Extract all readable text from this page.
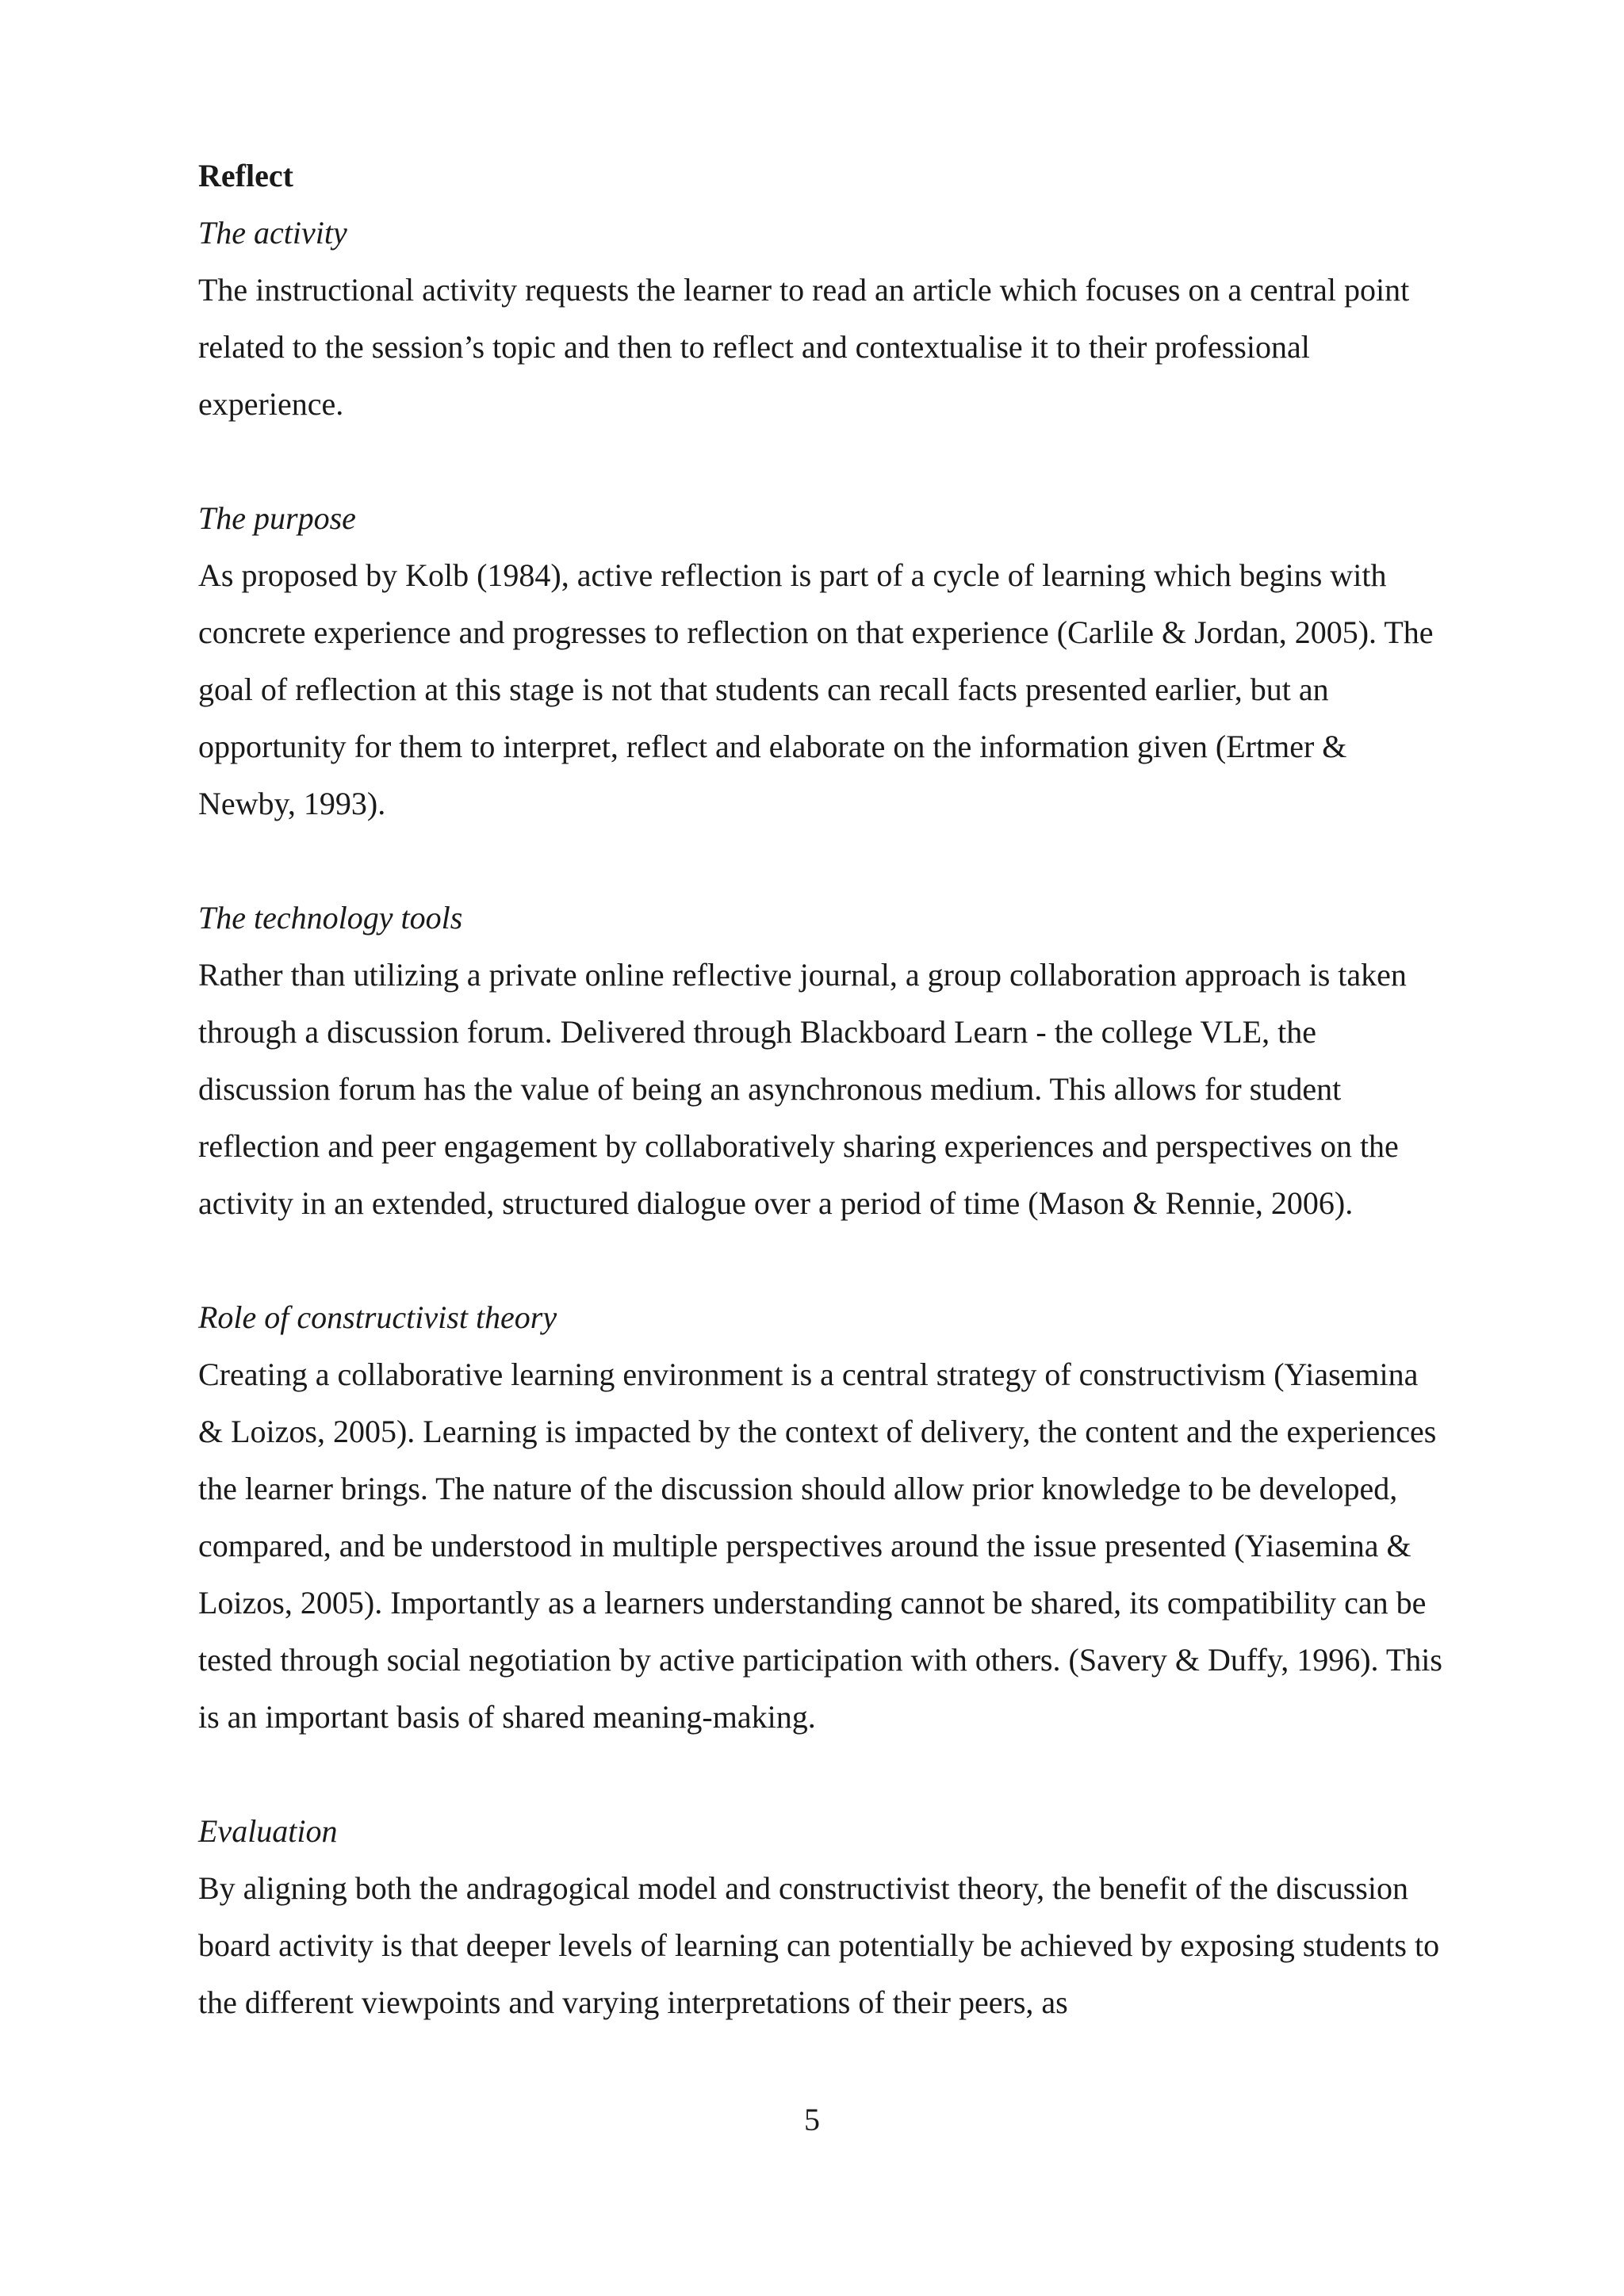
Reflect

The activity

The instructional activity requests the learner to read an article which focuses on a central point related to the session’s topic and then to reflect and contextualise it to their professional experience.

The purpose

As proposed by Kolb (1984), active reflection is part of a cycle of learning which begins with concrete experience and progresses to reflection on that experience (Carlile & Jordan, 2005). The goal of reflection at this stage is not that students can recall facts presented earlier, but an opportunity for them to interpret, reflect and elaborate on the information given (Ertmer & Newby, 1993).

The technology tools

Rather than utilizing a private online reflective journal, a group collaboration approach is taken through a discussion forum. Delivered through Blackboard Learn - the college VLE, the discussion forum has the value of being an asynchronous medium. This allows for student reflection and peer engagement by collaboratively sharing experiences and perspectives on the activity in an extended, structured dialogue over a period of time (Mason & Rennie, 2006).

Role of constructivist theory

Creating a collaborative learning environment is a central strategy of constructivism (Yiasemina & Loizos, 2005). Learning is impacted by the context of delivery, the content and the experiences the learner brings. The nature of the discussion should allow prior knowledge to be developed, compared, and be understood in multiple perspectives around the issue presented (Yiasemina & Loizos, 2005). Importantly as a learners understanding cannot be shared, its compatibility can be tested through social negotiation by active participation with others. (Savery & Duffy, 1996). This is an important basis of shared meaning-making.

Evaluation

By aligning both the andragogical model and constructivist theory, the benefit of the discussion board activity is that deeper levels of learning can potentially be achieved by exposing students to the different viewpoints and varying interpretations of their peers, as

5
